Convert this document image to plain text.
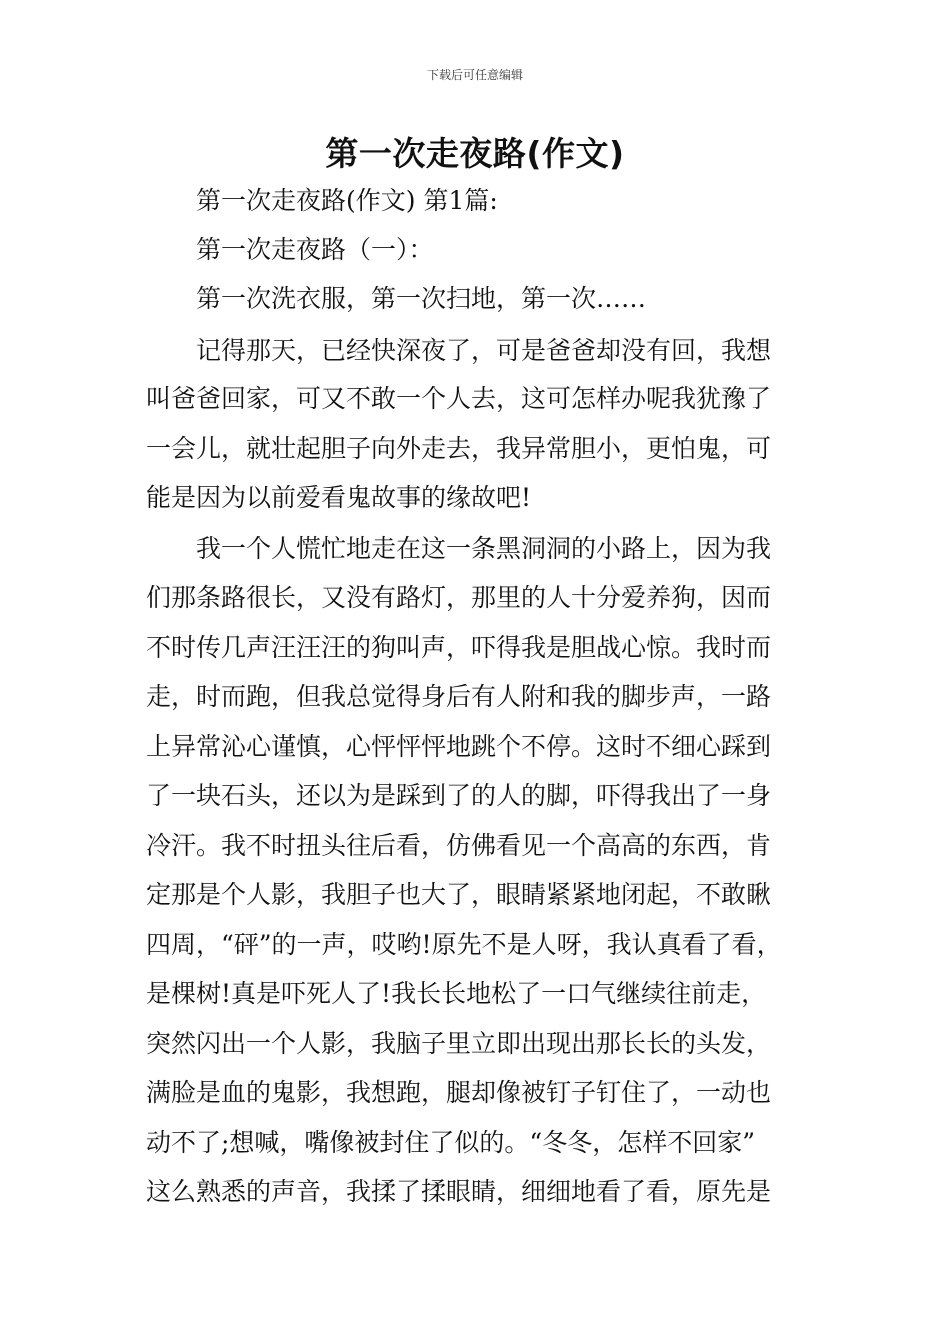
下载后可任意编辑
第一次走夜路(作文)
第一次走夜路(作文) 第1篇:
第一次走夜路（一）：
第一次洗衣服，第一次扫地，第一次……
记得那天，已经快深夜了，可是爸爸却没有回，我想
叫爸爸回家，可又不敢一个人去，这可怎样办呢我犹豫了
一会儿，就壮起胆子向外走去，我异常胆小，更怕鬼，可
能是因为以前爱看鬼故事的缘故吧!
我一个人慌忙地走在这一条黑洞洞的小路上，因为我
们那条路很长，又没有路灯，那里的人十分爱养狗，因而
不时传几声汪汪汪的狗叫声，吓得我是胆战心惊。我时而
走，时而跑，但我总觉得身后有人附和我的脚步声，一路
上异常沁心谨慎，心怦怦怦地跳个不停。这时不细心踩到
了一块石头，还以为是踩到了的人的脚，吓得我出了一身
冷汗。我不时扭头往后看，仿佛看见一个高高的东西，肯
定那是个人影，我胆子也大了，眼睛紧紧地闭起，不敢瞅
四周，“砰”的一声，哎哟!原先不是人呀，我认真看了看，
是棵树!真是吓死人了!我长长地松了一口气继续往前走，
突然闪出一个人影，我脑子里立即出现出那长长的头发，
满脸是血的鬼影，我想跑，腿却像被钉子钉住了，一动也
动不了;想喊，嘴像被封住了似的。“冬冬，怎样不回家”
这么熟悉的声音，我揉了揉眼睛，细细地看了看，原先是
